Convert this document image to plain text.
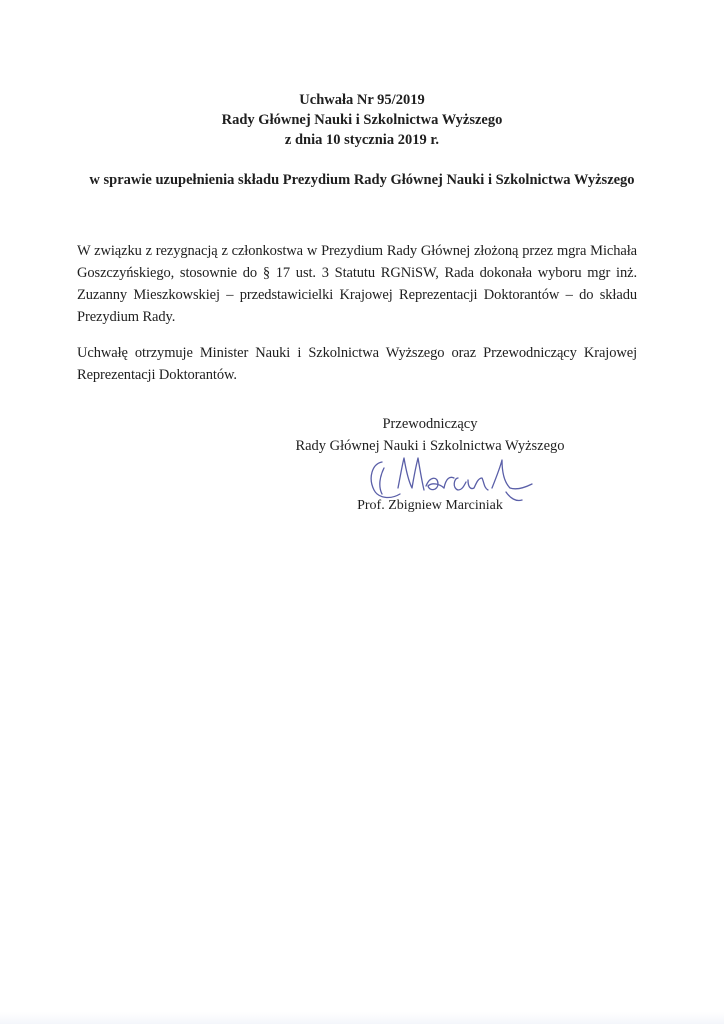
Uchwała Nr 95/2019
Rady Głównej Nauki i Szkolnictwa Wyższego
z dnia 10 stycznia 2019 r.
w sprawie uzupełnienia składu Prezydium Rady Głównej Nauki i Szkolnictwa Wyższego

W związku z rezygnacją z członkostwa w Prezydium Rady Głównej złożoną przez mgra Michała Goszczyńskiego, stosownie do § 17 ust. 3 Statutu RGNiSW, Rada dokonała wyboru mgr inż. Zuzanny Mieszkowskiej – przedstawicielki Krajowej Reprezentacji Doktorantów – do składu Prezydium Rady.

Uchwałę otrzymuje Minister Nauki i Szkolnictwa Wyższego oraz Przewodniczący Krajowej Reprezentacji Doktorantów.

Przewodniczący
Rady Głównej Nauki i Szkolnictwa Wyższego
Prof. Zbigniew Marciniak
